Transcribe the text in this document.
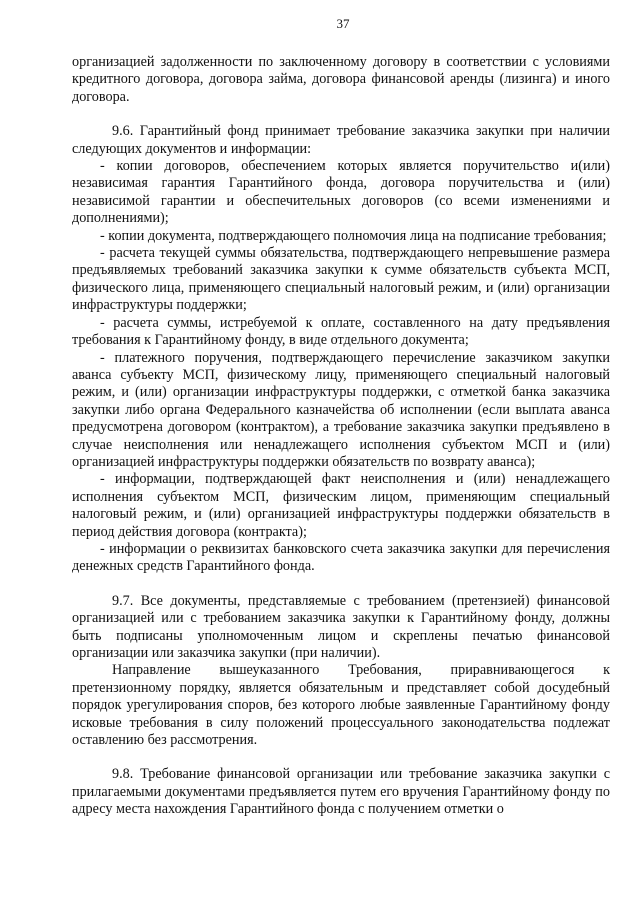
37

организацией задолженности по заключенному договору в соответствии с условиями кредитного договора, договора займа, договора финансовой аренды (лизинга) и иного договора.

9.6. Гарантийный фонд принимает требование заказчика закупки при наличии следующих документов и информации:

- копии договоров, обеспечением которых является поручительство и(или) независимая гарантия Гарантийного фонда, договора поручительства и (или) независимой гарантии и обеспечительных договоров (со всеми изменениями и дополнениями);

- копии документа, подтверждающего полномочия лица на подписание требования;

- расчета текущей суммы обязательства, подтверждающего непревышение размера предъявляемых требований заказчика закупки к сумме обязательств субъекта МСП, физического лица, применяющего специальный налоговый режим, и (или) организации инфраструктуры поддержки;

- расчета суммы, истребуемой к оплате, составленного на дату предъявления требования к Гарантийному фонду, в виде отдельного документа;

- платежного поручения, подтверждающего перечисление заказчиком закупки аванса субъекту МСП, физическому лицу, применяющего специальный налоговый режим, и (или) организации инфраструктуры поддержки, с отметкой банка заказчика закупки либо органа Федерального казначейства об исполнении (если выплата аванса предусмотрена договором (контрактом), а требование заказчика закупки предъявлено в случае неисполнения или ненадлежащего исполнения субъектом МСП и (или) организацией инфраструктуры поддержки обязательств по возврату аванса);

- информации, подтверждающей факт неисполнения и (или) ненадлежащего исполнения субъектом МСП, физическим лицом, применяющим специальный налоговый режим, и (или) организацией инфраструктуры поддержки обязательств в период действия договора (контракта);

- информации о реквизитах банковского счета заказчика закупки для перечисления денежных средств Гарантийного фонда.

9.7. Все документы, представляемые с требованием (претензией) финансовой организацией или с требованием заказчика закупки к Гарантийному фонду, должны быть подписаны уполномоченным лицом и скреплены печатью финансовой организации или заказчика закупки (при наличии).

Направление вышеуказанного Требования, приравнивающегося к претензионному порядку, является обязательным и представляет собой досудебный порядок урегулирования споров, без которого любые заявленные Гарантийному фонду исковые требования в силу положений процессуального законодательства подлежат оставлению без рассмотрения.

9.8. Требование финансовой организации или требование заказчика закупки с прилагаемыми документами предъявляется путем его вручения Гарантийному фонду по адресу места нахождения Гарантийного фонда с получением отметки о
